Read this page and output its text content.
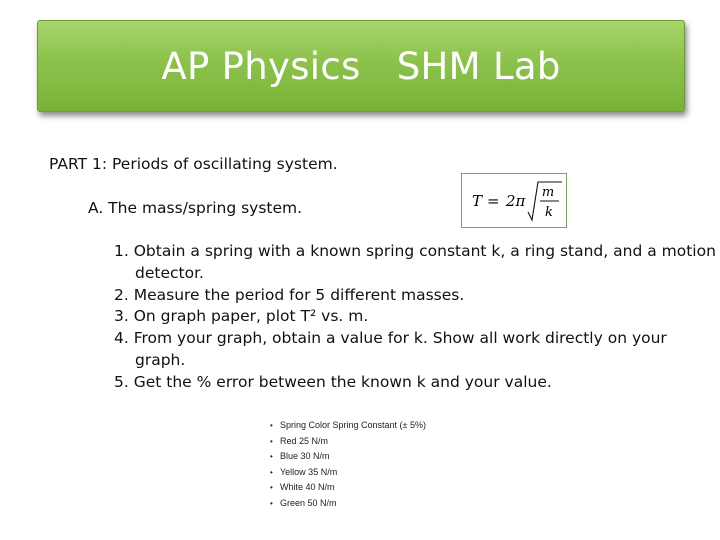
AP Physics   SHM Lab
PART 1: Periods of oscillating system.
A. The mass/spring system.	T = 2π m
k
1. Obtain a spring with a known spring constant k, a ring stand, and a motion detector.
2. Measure the period for 5 different masses.
3. On graph paper, plot T² vs. m.
4. From your graph, obtain a value for k. Show all work directly on your graph.
5. Get the % error between the known k and your value.
• Spring Color Spring Constant (± 5%)
• Red 25 N/m
• Blue 30 N/m
• Yellow 35 N/m
• White 40 N/m
• Green 50 N/m
